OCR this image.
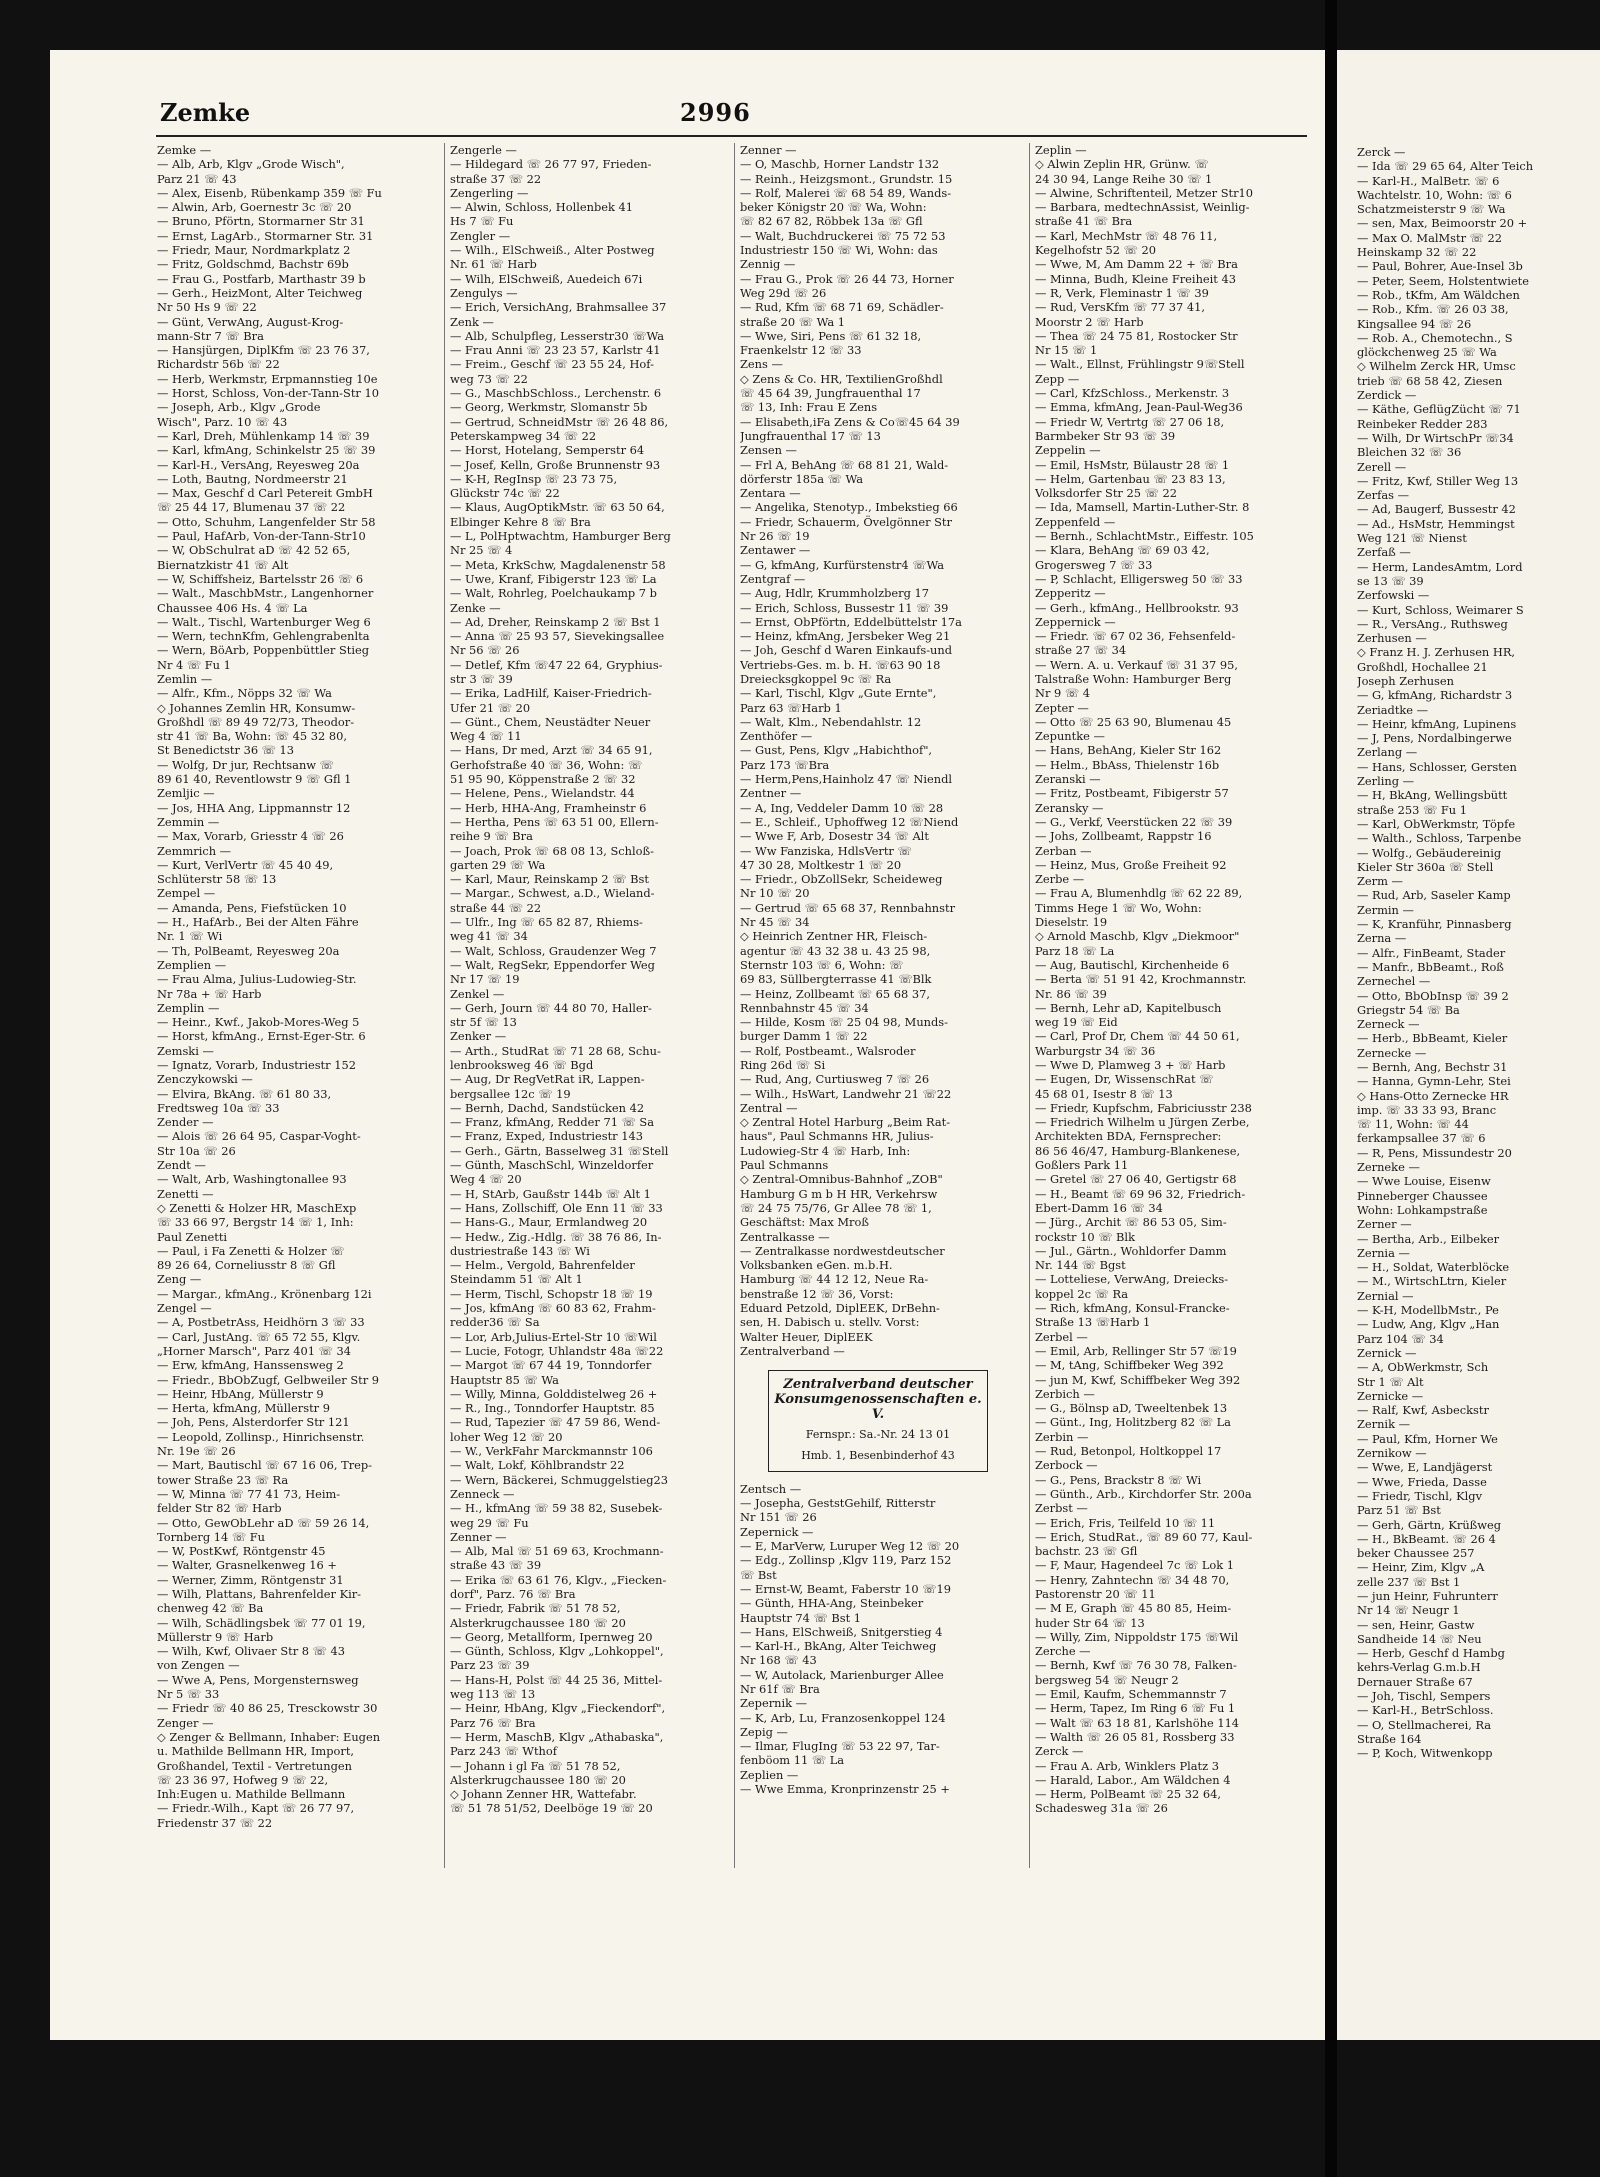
Zemke	2996

Zemke —

— Alb, Arb, Klgv „Grode Wisch",

Parz 21 ☏ 43

— Alex, Eisenb, Rübenkamp 359 ☏ Fu

— Alwin, Arb, Goernestr 3c ☏ 20

— Bruno, Pförtn, Stormarner Str 31

— Ernst, LagArb., Stormarner Str. 31

— Friedr, Maur, Nordmarkplatz 2

— Fritz, Goldschmd, Bachstr 69b

— Frau G., Postfarb, Marthastr 39 b

— Gerh., HeizMont, Alter Teichweg

Nr 50 Hs 9 ☏ 22

— Günt, VerwAng, August-Krog-

mann-Str 7 ☏ Bra

— Hansjürgen, DiplKfm ☏ 23 76 37,

Richardstr 56b ☏ 22

— Herb, Werkmstr, Erpmannstieg 10e

— Horst, Schloss, Von-der-Tann-Str 10

— Joseph, Arb., Klgv „Grode

Wisch", Parz. 10 ☏ 43

— Karl, Dreh, Mühlenkamp 14 ☏ 39

— Karl, kfmAng, Schinkelstr 25 ☏ 39

— Karl-H., VersAng, Reyesweg 20a

— Loth, Bautng, Nordmeerstr 21

— Max, Geschf d Carl Petereit GmbH

☏ 25 44 17, Blumenau 37 ☏ 22

— Otto, Schuhm, Langenfelder Str 58

— Paul, HafArb, Von-der-Tann-Str10

— W, ObSchulrat aD ☏ 42 52 65,

Biernatzkistr 41 ☏ Alt

— W, Schiffsheiz, Bartelsstr 26 ☏ 6

— Walt., MaschbMstr., Langenhorner

Chaussee 406 Hs. 4 ☏ La

— Walt., Tischl, Wartenburger Weg 6

— Wern, technKfm, Gehlengrabenlta

— Wern, BöArb, Poppenbüttler Stieg

Nr 4 ☏ Fu 1

Zemlin —

— Alfr., Kfm., Nöpps 32 ☏ Wa

◇ Johannes Zemlin HR, Konsumw-

Großhdl ☏ 89 49 72/73, Theodor-

str 41 ☏ Ba, Wohn: ☏ 45 32 80,

St Benedictstr 36 ☏ 13

— Wolfg, Dr jur, Rechtsanw ☏

89 61 40, Reventlowstr 9 ☏ Gfl 1

Zemljic —

— Jos, HHA Ang, Lippmannstr 12

Zemmin —

— Max, Vorarb, Griesstr 4 ☏ 26

Zemmrich —

— Kurt, VerlVertr ☏ 45 40 49,

Schlüterstr 58 ☏ 13

Zempel —

— Amanda, Pens, Fiefstücken 10

— H., HafArb., Bei der Alten Fähre

Nr. 1 ☏ Wi

— Th, PolBeamt, Reyesweg 20a

Zemplien —

— Frau Alma, Julius-Ludowieg-Str.

Nr 78a + ☏ Harb

Zemplin —

— Heinr., Kwf., Jakob-Mores-Weg 5

— Horst, kfmAng., Ernst-Eger-Str. 6

Zemski —

— Ignatz, Vorarb, Industriestr 152

Zenczykowski —

— Elvira, BkAng. ☏ 61 80 33,

Fredtsweg 10a ☏ 33

Zender —

— Alois ☏ 26 64 95, Caspar-Voght-

Str 10a ☏ 26

Zendt —

— Walt, Arb, Washingtonallee 93

Zenetti —

◇ Zenetti & Holzer HR, MaschExp

☏ 33 66 97, Bergstr 14 ☏ 1, Inh:

Paul Zenetti

— Paul, i Fa Zenetti & Holzer ☏

89 26 64, Corneliusstr 8 ☏ Gfl

Zeng —

— Margar., kfmAng., Krönenbarg 12i

Zengel —

— A, PostbetrAss, Heidhörn 3 ☏ 33

— Carl, JustAng. ☏ 65 72 55, Klgv.

„Horner Marsch", Parz 401 ☏ 34

— Erw, kfmAng, Hanssensweg 2

— Friedr., BbObZugf, Gelbweiler Str 9

— Heinr, HbAng, Müllerstr 9

— Herta, kfmAng, Müllerstr 9

— Joh, Pens, Alsterdorfer Str 121

— Leopold, Zollinsp., Hinrichsenstr.

Nr. 19e ☏ 26

— Mart, Bautischl ☏ 67 16 06, Trep-

tower Straße 23 ☏ Ra

— W, Minna ☏ 77 41 73, Heim-

felder Str 82 ☏ Harb

— Otto, GewObLehr aD ☏ 59 26 14,

Tornberg 14 ☏ Fu

— W, PostKwf, Röntgenstr 45

— Walter, Grasnelkenweg 16 +

— Werner, Zimm, Röntgenstr 31

— Wilh, Plattans, Bahrenfelder Kir-

chenweg 42 ☏ Ba

— Wilh, Schädlingsbek ☏ 77 01 19,

Müllerstr 9 ☏ Harb

— Wilh, Kwf, Olivaer Str 8 ☏ 43

von Zengen —

— Wwe A, Pens, Morgensternsweg

Nr 5 ☏ 33

— Friedr ☏ 40 86 25, Tresckowstr 30

Zenger —

◇ Zenger & Bellmann, Inhaber: Eugen

u. Mathilde Bellmann HR, Import,

Großhandel, Textil - Vertretungen

☏ 23 36 97, Hofweg 9 ☏ 22,

Inh:Eugen u. Mathilde Bellmann

— Friedr.-Wilh., Kapt ☏ 26 77 97,

Friedenstr 37 ☏ 22

Zengerle —

— Hildegard ☏ 26 77 97, Frieden-

straße 37 ☏ 22

Zengerling —

— Alwin, Schloss, Hollenbek 41

Hs 7 ☏ Fu

Zengler —

— Wilh., ElSchweiß., Alter Postweg

Nr. 61 ☏ Harb

— Wilh, ElSchweiß, Auedeich 67i

Zengulys —

— Erich, VersichAng, Brahmsallee 37

Zenk —

— Alb, Schulpfleg, Lesserstr30 ☏Wa

— Frau Anni ☏ 23 23 57, Karlstr 41

— Freim., Geschf ☏ 23 55 24, Hof-

weg 73 ☏ 22

— G., MaschbSchloss., Lerchenstr. 6

— Georg, Werkmstr, Slomanstr 5b

— Gertrud, SchneidMstr ☏ 26 48 86,

Peterskampweg 34 ☏ 22

— Horst, Hotelang, Semperstr 64

— Josef, Kelln, Große Brunnenstr 93

— K-H, RegInsp ☏ 23 73 75,

Glückstr 74c ☏ 22

— Klaus, AugOptikMstr. ☏ 63 50 64,

Elbinger Kehre 8 ☏ Bra

— L, PolHptwachtm, Hamburger Berg

Nr 25 ☏ 4

— Meta, KrkSchw, Magdalenenstr 58

— Uwe, Kranf, Fibigerstr 123 ☏ La

— Walt, Rohrleg, Poelchaukamp 7 b

Zenke —

— Ad, Dreher, Reinskamp 2 ☏ Bst 1

— Anna ☏ 25 93 57, Sievekingsallee

Nr 56 ☏ 26

— Detlef, Kfm ☏47 22 64, Gryphius-

str 3 ☏ 39

— Erika, LadHilf, Kaiser-Friedrich-

Ufer 21 ☏ 20

— Günt., Chem, Neustädter Neuer

Weg 4 ☏ 11

— Hans, Dr med, Arzt ☏ 34 65 91,

Gerhofstraße 40 ☏ 36, Wohn: ☏

51 95 90, Köppenstraße 2 ☏ 32

— Helene, Pens., Wielandstr. 44

— Herb, HHA-Ang, Framheinstr 6

— Hertha, Pens ☏ 63 51 00, Ellern-

reihe 9 ☏ Bra

— Joach, Prok ☏ 68 08 13, Schloß-

garten 29 ☏ Wa

— Karl, Maur, Reinskamp 2 ☏ Bst

— Margar., Schwest, a.D., Wieland-

straße 44 ☏ 22

— Ulfr., Ing ☏ 65 82 87, Rhiems-

weg 41 ☏ 34

— Walt, Schloss, Graudenzer Weg 7

— Walt, RegSekr, Eppendorfer Weg

Nr 17 ☏ 19

Zenkel —

— Gerh, Journ ☏ 44 80 70, Haller-

str 5f ☏ 13

Zenker —

— Arth., StudRat ☏ 71 28 68, Schu-

lenbrooksweg 46 ☏ Bgd

— Aug, Dr RegVetRat iR, Lappen-

bergsallee 12c ☏ 19

— Bernh, Dachd, Sandstücken 42

— Franz, kfmAng, Redder 71 ☏ Sa

— Franz, Exped, Industriestr 143

— Gerh., Gärtn, Basselweg 31 ☏Stell

— Günth, MaschSchl, Winzeldorfer

Weg 4 ☏ 20

— H, StArb, Gaußstr 144b ☏ Alt 1

— Hans, Zollschiff, Ole Enn 11 ☏ 33

— Hans-G., Maur, Ermlandweg 20

— Hedw., Zig.-Hdlg. ☏ 38 76 86, In-

dustriestraße 143 ☏ Wi

— Helm., Vergold, Bahrenfelder

Steindamm 51 ☏ Alt 1

— Herm, Tischl, Schopstr 18 ☏ 19

— Jos, kfmAng ☏ 60 83 62, Frahm-

redder36 ☏ Sa

— Lor, Arb,Julius-Ertel-Str 10 ☏Wil

— Lucie, Fotogr, Uhlandstr 48a ☏22

— Margot ☏ 67 44 19, Tonndorfer

Hauptstr 85 ☏ Wa

— Willy, Minna, Golddistelweg 26 +

— R., Ing., Tonndorfer Hauptstr. 85

— Rud, Tapezier ☏ 47 59 86, Wend-

loher Weg 12 ☏ 20

— W., VerkFahr Marckmannstr 106

— Walt, Lokf, Köhlbrandstr 22

— Wern, Bäckerei, Schmuggelstieg23

Zenneck —

— H., kfmAng ☏ 59 38 82, Susebek-

weg 29 ☏ Fu

Zenner —

— Alb, Mal ☏ 51 69 63, Krochmann-

straße 43 ☏ 39

— Erika ☏ 63 61 76, Klgv., „Fiecken-

dorf", Parz. 76 ☏ Bra

— Friedr, Fabrik ☏ 51 78 52,

Alsterkrugchaussee 180 ☏ 20

— Georg, Metallform, Ipernweg 20

— Günth, Schloss, Klgv „Lohkoppel",

Parz 23 ☏ 39

— Hans-H, Polst ☏ 44 25 36, Mittel-

weg 113 ☏ 13

— Heinr, HbAng, Klgv „Fieckendorf",

Parz 76 ☏ Bra

— Herm, MaschB, Klgv „Athabaska",

Parz 243 ☏ Wthof

— Johann i gl Fa ☏ 51 78 52,

Alsterkrugchaussee 180 ☏ 20

◇ Johann Zenner HR, Wattefabr.

☏ 51 78 51/52, Deelböge 19 ☏ 20

Zenner —

— O, Maschb, Horner Landstr 132

— Reinh., Heizgsmont., Grundstr. 15

— Rolf, Malerei ☏ 68 54 89, Wands-

beker Königstr 20 ☏ Wa, Wohn:

☏ 82 67 82, Röbbek 13a ☏ Gfl

— Walt, Buchdruckerei ☏ 75 72 53

Industriestr 150 ☏ Wi, Wohn: das

Zennig —

— Frau G., Prok ☏ 26 44 73, Horner

Weg 29d ☏ 26

— Rud, Kfm ☏ 68 71 69, Schädler-

straße 20 ☏ Wa 1

— Wwe, Siri, Pens ☏ 61 32 18,

Fraenkelstr 12 ☏ 33

Zens —

◇ Zens & Co. HR, TextilienGroßhdl

☏ 45 64 39, Jungfrauenthal 17

☏ 13, Inh: Frau E Zens

— Elisabeth,iFa Zens & Co☏45 64 39

Jungfrauenthal 17 ☏ 13

Zensen —

— Frl A, BehAng ☏ 68 81 21, Wald-

dörferstr 185a ☏ Wa

Zentara —

— Angelika, Stenotyp., Imbekstieg 66

— Friedr, Schauerm, Övelgönner Str

Nr 26 ☏ 19

Zentawer —

— G, kfmAng, Kurfürstenstr4 ☏Wa

Zentgraf —

— Aug, Hdlr, Krummholzberg 17

— Erich, Schloss, Bussestr 11 ☏ 39

— Ernst, ObPförtn, Eddelbüttelstr 17a

— Heinz, kfmAng, Jersbeker Weg 21

— Joh, Geschf d Waren Einkaufs-und

Vertriebs-Ges. m. b. H. ☏63 90 18

Dreiecksgkoppel 9c ☏ Ra

— Karl, Tischl, Klgv „Gute Ernte",

Parz 63 ☏Harb 1

— Walt, Klm., Nebendahlstr. 12

Zenthöfer —

— Gust, Pens, Klgv „Habichthof",

Parz 173 ☏Bra

— Herm,Pens,Hainholz 47 ☏ Niendl

Zentner —

— A, Ing, Veddeler Damm 10 ☏ 28

— E., Schleif., Uphoffweg 12 ☏Niend

— Wwe F, Arb, Dosestr 34 ☏ Alt

— Ww Fanziska, HdlsVertr ☏

47 30 28, Moltkestr 1 ☏ 20

— Friedr., ObZollSekr, Scheideweg

Nr 10 ☏ 20

— Gertrud ☏ 65 68 37, Rennbahnstr

Nr 45 ☏ 34

◇ Heinrich Zentner HR, Fleisch-

agentur ☏ 43 32 38 u. 43 25 98,

Sternstr 103 ☏ 6, Wohn: ☏

69 83, Süllbergterrasse 41 ☏Blk

— Heinz, Zollbeamt ☏ 65 68 37,

Rennbahnstr 45 ☏ 34

— Hilde, Kosm ☏ 25 04 98, Munds-

burger Damm 1 ☏ 22

— Rolf, Postbeamt., Walsroder

Ring 26d ☏ Si

— Rud, Ang, Curtiusweg 7 ☏ 26

— Wilh., HsWart, Landwehr 21 ☏22

Zentral —

◇ Zentral Hotel Harburg „Beim Rat-

haus", Paul Schmanns HR, Julius-

Ludowieg-Str 4 ☏ Harb, Inh:

Paul Schmanns

◇ Zentral-Omnibus-Bahnhof „ZOB"

Hamburg G m b H HR, Verkehrsw

☏ 24 75 75/76, Gr Allee 78 ☏ 1,

Geschäftst: Max Mroß

Zentralkasse —

— Zentralkasse nordwestdeutscher

Volksbanken eGen. m.b.H.

Hamburg ☏ 44 12 12, Neue Ra-

benstraße 12 ☏ 36, Vorst:

Eduard Petzold, DiplEEK, DrBehn-

sen, H. Dabisch u. stellv. Vorst:

Walter Heuer, DiplEEK

Zentralverband —

Zentralverband deutscher Konsumgenossenschaften e. V.
Fernspr.: Sa.-Nr. 24 13 01
Hmb. 1, Besenbinderhof 43

Zentsch —

— Josepha, GeststGehilf, Ritterstr

Nr 151 ☏ 26

Zepernick —

— E, MarVerw, Luruper Weg 12 ☏ 20

— Edg., Zollinsp ,Klgv 119, Parz 152

☏ Bst

— Ernst-W, Beamt, Faberstr 10 ☏19

— Günth, HHA-Ang, Steinbeker

Hauptstr 74 ☏ Bst 1

— Hans, ElSchweiß, Snitgerstieg 4

— Karl-H., BkAng, Alter Teichweg

Nr 168 ☏ 43

— W, Autolack, Marienburger Allee

Nr 61f ☏ Bra

Zepernik —

— K, Arb, Lu, Franzosenkoppel 124

Zepig —

— Ilmar, FlugIng ☏ 53 22 97, Tar-

fenböom 11 ☏ La

Zeplien —

— Wwe Emma, Kronprinzenstr 25 +

Zeplin —

◇ Alwin Zeplin HR, Grünw. ☏

24 30 94, Lange Reihe 30 ☏ 1

— Alwine, Schriftenteil, Metzer Str10

— Barbara, medtechnAssist, Weinlig-

straße 41 ☏ Bra

— Karl, MechMstr ☏ 48 76 11,

Kegelhofstr 52 ☏ 20

— Wwe, M, Am Damm 22 + ☏ Bra

— Minna, Budh, Kleine Freiheit 43

— R, Verk, Fleminastr 1 ☏ 39

— Rud, VersKfm ☏ 77 37 41,

Moorstr 2 ☏ Harb

— Thea ☏ 24 75 81, Rostocker Str

Nr 15 ☏ 1

— Walt., Ellnst, Frühlingstr 9☏Stell

Zepp —

— Carl, KfzSchloss., Merkenstr. 3

— Emma, kfmAng, Jean-Paul-Weg36

— Friedr W, Vertrtg ☏ 27 06 18,

Barmbeker Str 93 ☏ 39

Zeppelin —

— Emil, HsMstr, Bülaustr 28 ☏ 1

— Helm, Gartenbau ☏ 23 83 13,

Volksdorfer Str 25 ☏ 22

— Ida, Mamsell, Martin-Luther-Str. 8

Zeppenfeld —

— Bernh., SchlachtMstr., Eiffestr. 105

— Klara, BehAng ☏ 69 03 42,

Grogersweg 7 ☏ 33

— P, Schlacht, Elligersweg 50 ☏ 33

Zepperitz —

— Gerh., kfmAng., Hellbrookstr. 93

Zeppernick —

— Friedr. ☏ 67 02 36, Fehsenfeld-

straße 27 ☏ 34

— Wern. A. u. Verkauf ☏ 31 37 95,

Talstraße Wohn: Hamburger Berg

Nr 9 ☏ 4

Zepter —

— Otto ☏ 25 63 90, Blumenau 45

Zepuntke —

— Hans, BehAng, Kieler Str 162

— Helm., BbAss, Thielenstr 16b

Zeranski —

— Fritz, Postbeamt, Fibigerstr 57

Zeransky —

— G., Verkf, Veerstücken 22 ☏ 39

— Johs, Zollbeamt, Rappstr 16

Zerban —

— Heinz, Mus, Große Freiheit 92

Zerbe —

— Frau A, Blumenhdlg ☏ 62 22 89,

Timms Hege 1 ☏ Wo, Wohn:

Dieselstr. 19

◇ Arnold Maschb, Klgv „Diekmoor"

Parz 18 ☏ La

— Aug, Bautischl, Kirchenheide 6

— Berta ☏ 51 91 42, Krochmannstr.

Nr. 86 ☏ 39

— Bernh, Lehr aD, Kapitelbusch

weg 19 ☏ Eid

— Carl, Prof Dr, Chem ☏ 44 50 61,

Warburgstr 34 ☏ 36

— Wwe D, Plamweg 3 + ☏ Harb

— Eugen, Dr, WissenschRat ☏

45 68 01, Isestr 8 ☏ 13

— Friedr, Kupfschm, Fabriciusstr 238

— Friedrich Wilhelm u Jürgen Zerbe,

Architekten BDA, Fernsprecher:

86 56 46/47, Hamburg-Blankenese,

Goßlers Park 11

— Gretel ☏ 27 06 40, Gertigstr 68

— H., Beamt ☏ 69 96 32, Friedrich-

Ebert-Damm 16 ☏ 34

— Jürg., Archit ☏ 86 53 05, Sim-

rockstr 10 ☏ Blk

— Jul., Gärtn., Wohldorfer Damm

Nr. 144 ☏ Bgst

— Lotteliese, VerwAng, Dreiecks-

koppel 2c ☏ Ra

— Rich, kfmAng, Konsul-Francke-

Straße 13 ☏Harb 1

Zerbel —

— Emil, Arb, Rellinger Str 57 ☏19

— M, tAng, Schiffbeker Weg 392

— jun M, Kwf, Schiffbeker Weg 392

Zerbich —

— G., Bölnsp aD, Tweeltenbek 13

— Günt., Ing, Holitzberg 82 ☏ La

Zerbin —

— Rud, Betonpol, Holtkoppel 17

Zerbock —

— G., Pens, Brackstr 8 ☏ Wi

— Günth., Arb., Kirchdorfer Str. 200a

Zerbst —

— Erich, Fris, Teilfeld 10 ☏ 11

— Erich, StudRat., ☏ 89 60 77, Kaul-

bachstr. 23 ☏ Gfl

— F, Maur, Hagendeel 7c ☏ Lok 1

— Henry, Zahntechn ☏ 34 48 70,

Pastorenstr 20 ☏ 11

— M E, Graph ☏ 45 80 85, Heim-

huder Str 64 ☏ 13

— Willy, Zim, Nippoldstr 175 ☏Wil

Zerche —

— Bernh, Kwf ☏ 76 30 78, Falken-

bergsweg 54 ☏ Neugr 2

— Emil, Kaufm, Schemmannstr 7

— Herm, Tapez, Im Ring 6 ☏ Fu 1

— Walt ☏ 63 18 81, Karlshöhe 114

— Walth ☏ 26 05 81, Rossberg 33

Zerck —

— Frau A. Arb, Winklers Platz 3

— Harald, Labor., Am Wäldchen 4

— Herm, PolBeamt ☏ 25 32 64,

Schadesweg 31a ☏ 26

Zerck —

— Ida ☏ 29 65 64, Alter Teich

— Karl-H., MalBetr. ☏ 6

Wachtelstr. 10, Wohn: ☏ 6

Schatzmeisterstr 9 ☏ Wa

— sen, Max, Beimoorstr 20 +

— Max O. MalMstr ☏ 22

Heinskamp 32 ☏ 22

— Paul, Bohrer, Aue-Insel 3b

— Peter, Seem, Holstentwiete

— Rob., tKfm, Am Wäldchen

— Rob., Kfm. ☏ 26 03 38,

Kingsallee 94 ☏ 26

— Rob. A., Chemotechn., S

glöckchenweg 25 ☏ Wa

◇ Wilhelm Zerck HR, Umsc

trieb ☏ 68 58 42, Ziesen

Zerdick —

— Käthe, GeflügZücht ☏ 71

Reinbeker Redder 283

— Wilh, Dr WirtschPr ☏34

Bleichen 32 ☏ 36

Zerell —

— Fritz, Kwf, Stiller Weg 13

Zerfas —

— Ad, Baugerf, Bussestr 42

— Ad., HsMstr, Hemmingst

Weg 121 ☏ Nienst

Zerfaß —

— Herm, LandesAmtm, Lord

se 13 ☏ 39

Zerfowski —

— Kurt, Schloss, Weimarer S

— R., VersAng., Ruthsweg

Zerhusen —

◇ Franz H. J. Zerhusen HR,

Großhdl, Hochallee 21

Joseph Zerhusen

— G, kfmAng, Richardstr 3

Zeriadtke —

— Heinr, kfmAng, Lupinens

— J, Pens, Nordalbingerwe

Zerlang —

— Hans, Schlosser, Gersten

Zerling —

— H, BkAng, Wellingsbütt

straße 253 ☏ Fu 1

— Karl, ObWerkmstr, Töpfe

— Walth., Schloss, Tarpenbe

— Wolfg., Gebäudereinig

Kieler Str 360a ☏ Stell

Zerm —

— Rud, Arb, Saseler Kamp

Zermin —

— K, Kranführ, Pinnasberg

Zerna —

— Alfr., FinBeamt, Stader

— Manfr., BbBeamt., Roß

Zernechel —

— Otto, BbObInsp ☏ 39 2

Griegstr 54 ☏ Ba

Zerneck —

— Herb., BbBeamt, Kieler

Zernecke —

— Bernh, Ang, Bechstr 31

— Hanna, Gymn-Lehr, Stei

◇ Hans-Otto Zernecke HR

imp. ☏ 33 33 93, Branc

☏ 11, Wohn: ☏ 44

ferkampsallee 37 ☏ 6

— R, Pens, Missundestr 20

Zerneke —

— Wwe Louise, Eisenw

Pinneberger Chaussee

Wohn: Lohkampstraße

Zerner —

— Bertha, Arb., Eilbeker

Zernia —

— H., Soldat, Waterblöcke

— M., WirtschLtrn, Kieler

Zernial —

— K-H, ModellbMstr., Pe

— Ludw, Ang, Klgv „Han

Parz 104 ☏ 34

Zernick —

— A, ObWerkmstr, Sch

Str 1 ☏ Alt

Zernicke —

— Ralf, Kwf, Asbeckstr

Zernik —

— Paul, Kfm, Horner We

Zernikow —

— Wwe, E, Landjägerst

— Wwe, Frieda, Dasse

— Friedr, Tischl, Klgv

Parz 51 ☏ Bst

— Gerh, Gärtn, Krüßweg

— H., BkBeamt. ☏ 26 4

beker Chaussee 257

— Heinr, Zim, Klgv „A

zelle 237 ☏ Bst 1

— jun Heinr, Fuhrunterr

Nr 14 ☏ Neugr 1

— sen, Heinr, Gastw

Sandheide 14 ☏ Neu

— Herb, Geschf d Hambg

kehrs-Verlag G.m.b.H

Dernauer Straße 67

— Joh, Tischl, Sempers

— Karl-H., BetrSchloss.

— O, Stellmacherei, Ra

Straße 164

— P, Koch, Witwenkopp
